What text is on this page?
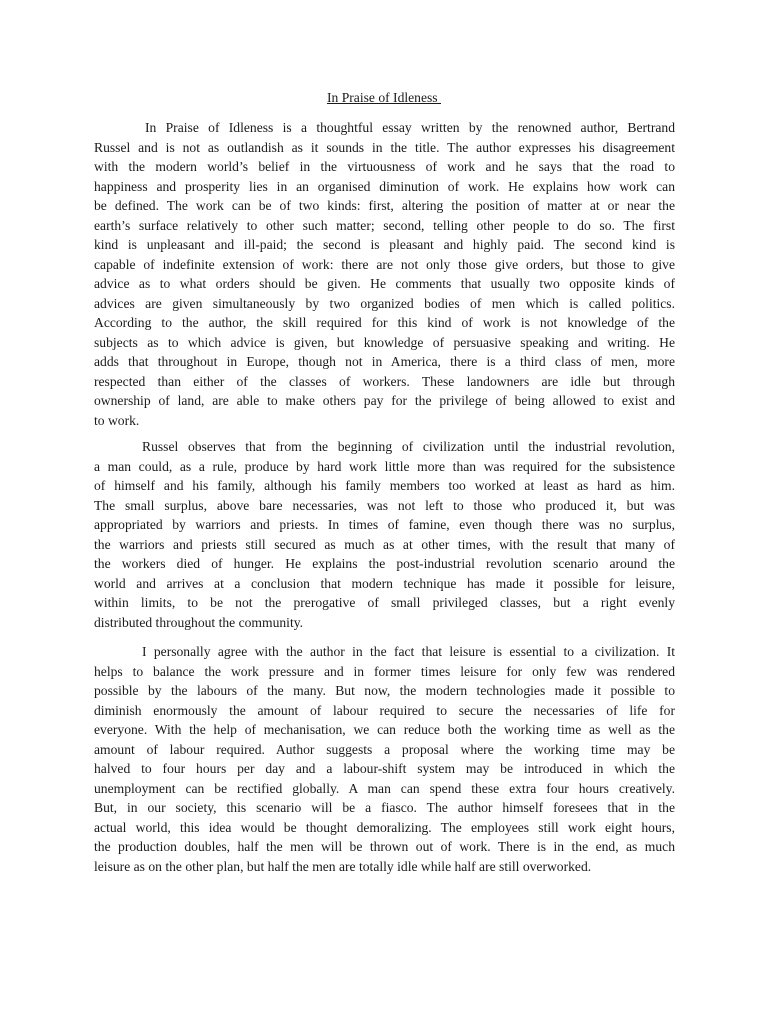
In Praise of Idleness
In Praise of Idleness is a thoughtful essay written by the renowned author, Bertrand
Russel and is not as outlandish as it sounds in the title. The author expresses his disagreement
with the modern world’s belief in the virtuousness of work and he says that the road to
happiness and prosperity lies in an organised diminution of work. He explains how work can
be defined. The work can be of two kinds: first, altering the position of matter at or near the
earth’s surface relatively to other such matter; second, telling other people to do so. The first
kind is unpleasant and ill-paid; the second is pleasant and highly paid. The second kind is
capable of indefinite extension of work: there are not only those give orders, but those to give
advice as to what orders should be given. He comments that usually two opposite kinds of
advices are given simultaneously by two organized bodies of men which is called politics.
According to the author, the skill required for this kind of work is not knowledge of the
subjects as to which advice is given, but knowledge of persuasive speaking and writing. He
adds that throughout in Europe, though not in America, there is a third class of men, more
respected than either of the classes of workers. These landowners are idle but through
ownership of land, are able to make others pay for the privilege of being allowed to exist and
to work.
Russel observes that from the beginning of civilization until the industrial revolution,
a man could, as a rule, produce by hard work little more than was required for the subsistence
of himself and his family, although his family members too worked at least as hard as him.
The small surplus, above bare necessaries, was not left to those who produced it, but was
appropriated by warriors and priests. In times of famine, even though there was no surplus,
the warriors and priests still secured as much as at other times, with the result that many of
the workers died of hunger. He explains the post-industrial revolution scenario around the
world and arrives at a conclusion that modern technique has made it possible for leisure,
within limits, to be not the prerogative of small privileged classes, but a right evenly
distributed throughout the community.
I personally agree with the author in the fact that leisure is essential to a civilization. It
helps to balance the work pressure and in former times leisure for only few was rendered
possible by the labours of the many. But now, the modern technologies made it possible to
diminish enormously the amount of labour required to secure the necessaries of life for
everyone. With the help of mechanisation, we can reduce both the working time as well as the
amount of labour required. Author suggests a proposal where the working time may be
halved to four hours per day and a labour-shift system may be introduced in which the
unemployment can be rectified globally. A man can spend these extra four hours creatively.
But, in our society, this scenario will be a fiasco. The author himself foresees that in the
actual world, this idea would be thought demoralizing. The employees still work eight hours,
the production doubles, half the men will be thrown out of work. There is in the end, as much
leisure as on the other plan, but half the men are totally idle while half are still overworked.
